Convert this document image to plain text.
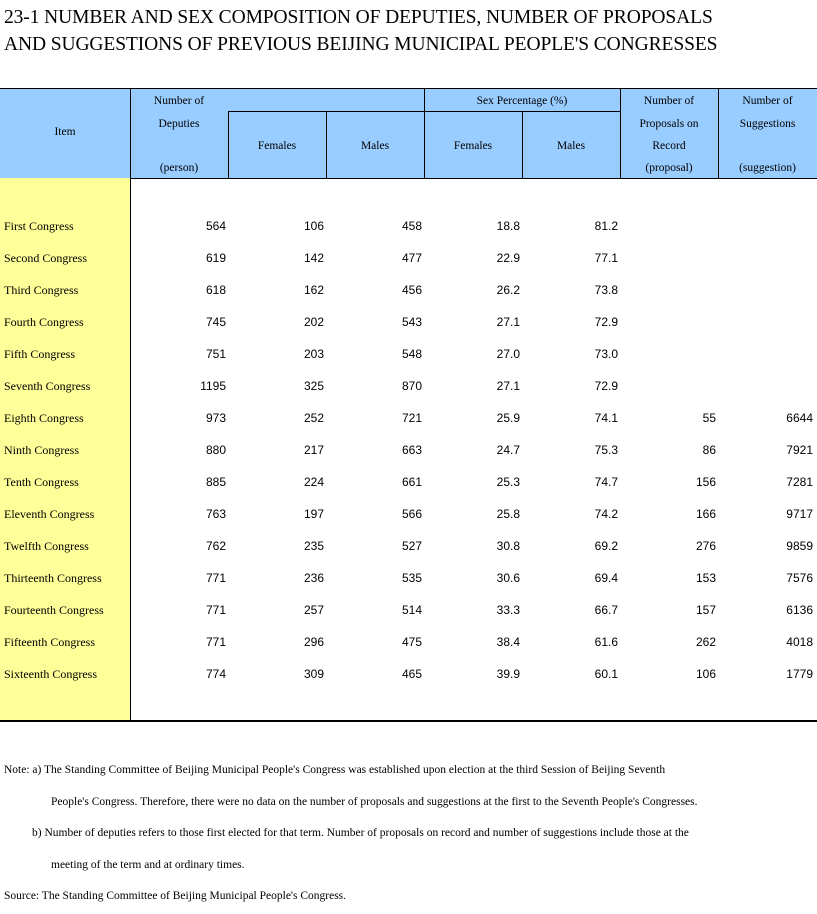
23-1 NUMBER AND SEX COMPOSITION OF DEPUTIES, NUMBER OF PROPOSALS
AND SUGGESTIONS OF PREVIOUS BEIJING MUNICIPAL PEOPLE'S CONGRESSES
Item
Number of
Deputies
(person)
Females	Males
Sex Percentage (%)
Females	Males
Number of
Proposals on
Record
(proposal)
Number of
Suggestions
(suggestion)
First Congress	564	106	458	18.8	81.2
Second Congress	619	142	477	22.9	77.1
Third Congress	618	162	456	26.2	73.8
Fourth Congress	745	202	543	27.1	72.9
Fifth Congress	751	203	548	27.0	73.0
Seventh Congress	1195	325	870	27.1	72.9
Eighth Congress	973	252	721	25.9	74.1	55	6644
Ninth Congress	880	217	663	24.7	75.3	86	7921
Tenth Congress	885	224	661	25.3	74.7	156	7281
Eleventh Congress	763	197	566	25.8	74.2	166	9717
Twelfth Congress	762	235	527	30.8	69.2	276	9859
Thirteenth Congress	771	236	535	30.6	69.4	153	7576
Fourteenth Congress	771	257	514	33.3	66.7	157	6136
Fifteenth Congress	771	296	475	38.4	61.6	262	4018
Sixteenth Congress	774	309	465	39.9	60.1	106	1779
Note: a) The Standing Committee of Beijing Municipal People's Congress was established upon election at the third Session of Beijing Seventh
People's Congress. Therefore, there were no data on the number of proposals and suggestions at the first to the Seventh People's Congresses.
b) Number of deputies refers to those first elected for that term. Number of proposals on record and number of suggestions include those at the
meeting of the term and at ordinary times.
Source: The Standing Committee of Beijing Municipal People's Congress.
